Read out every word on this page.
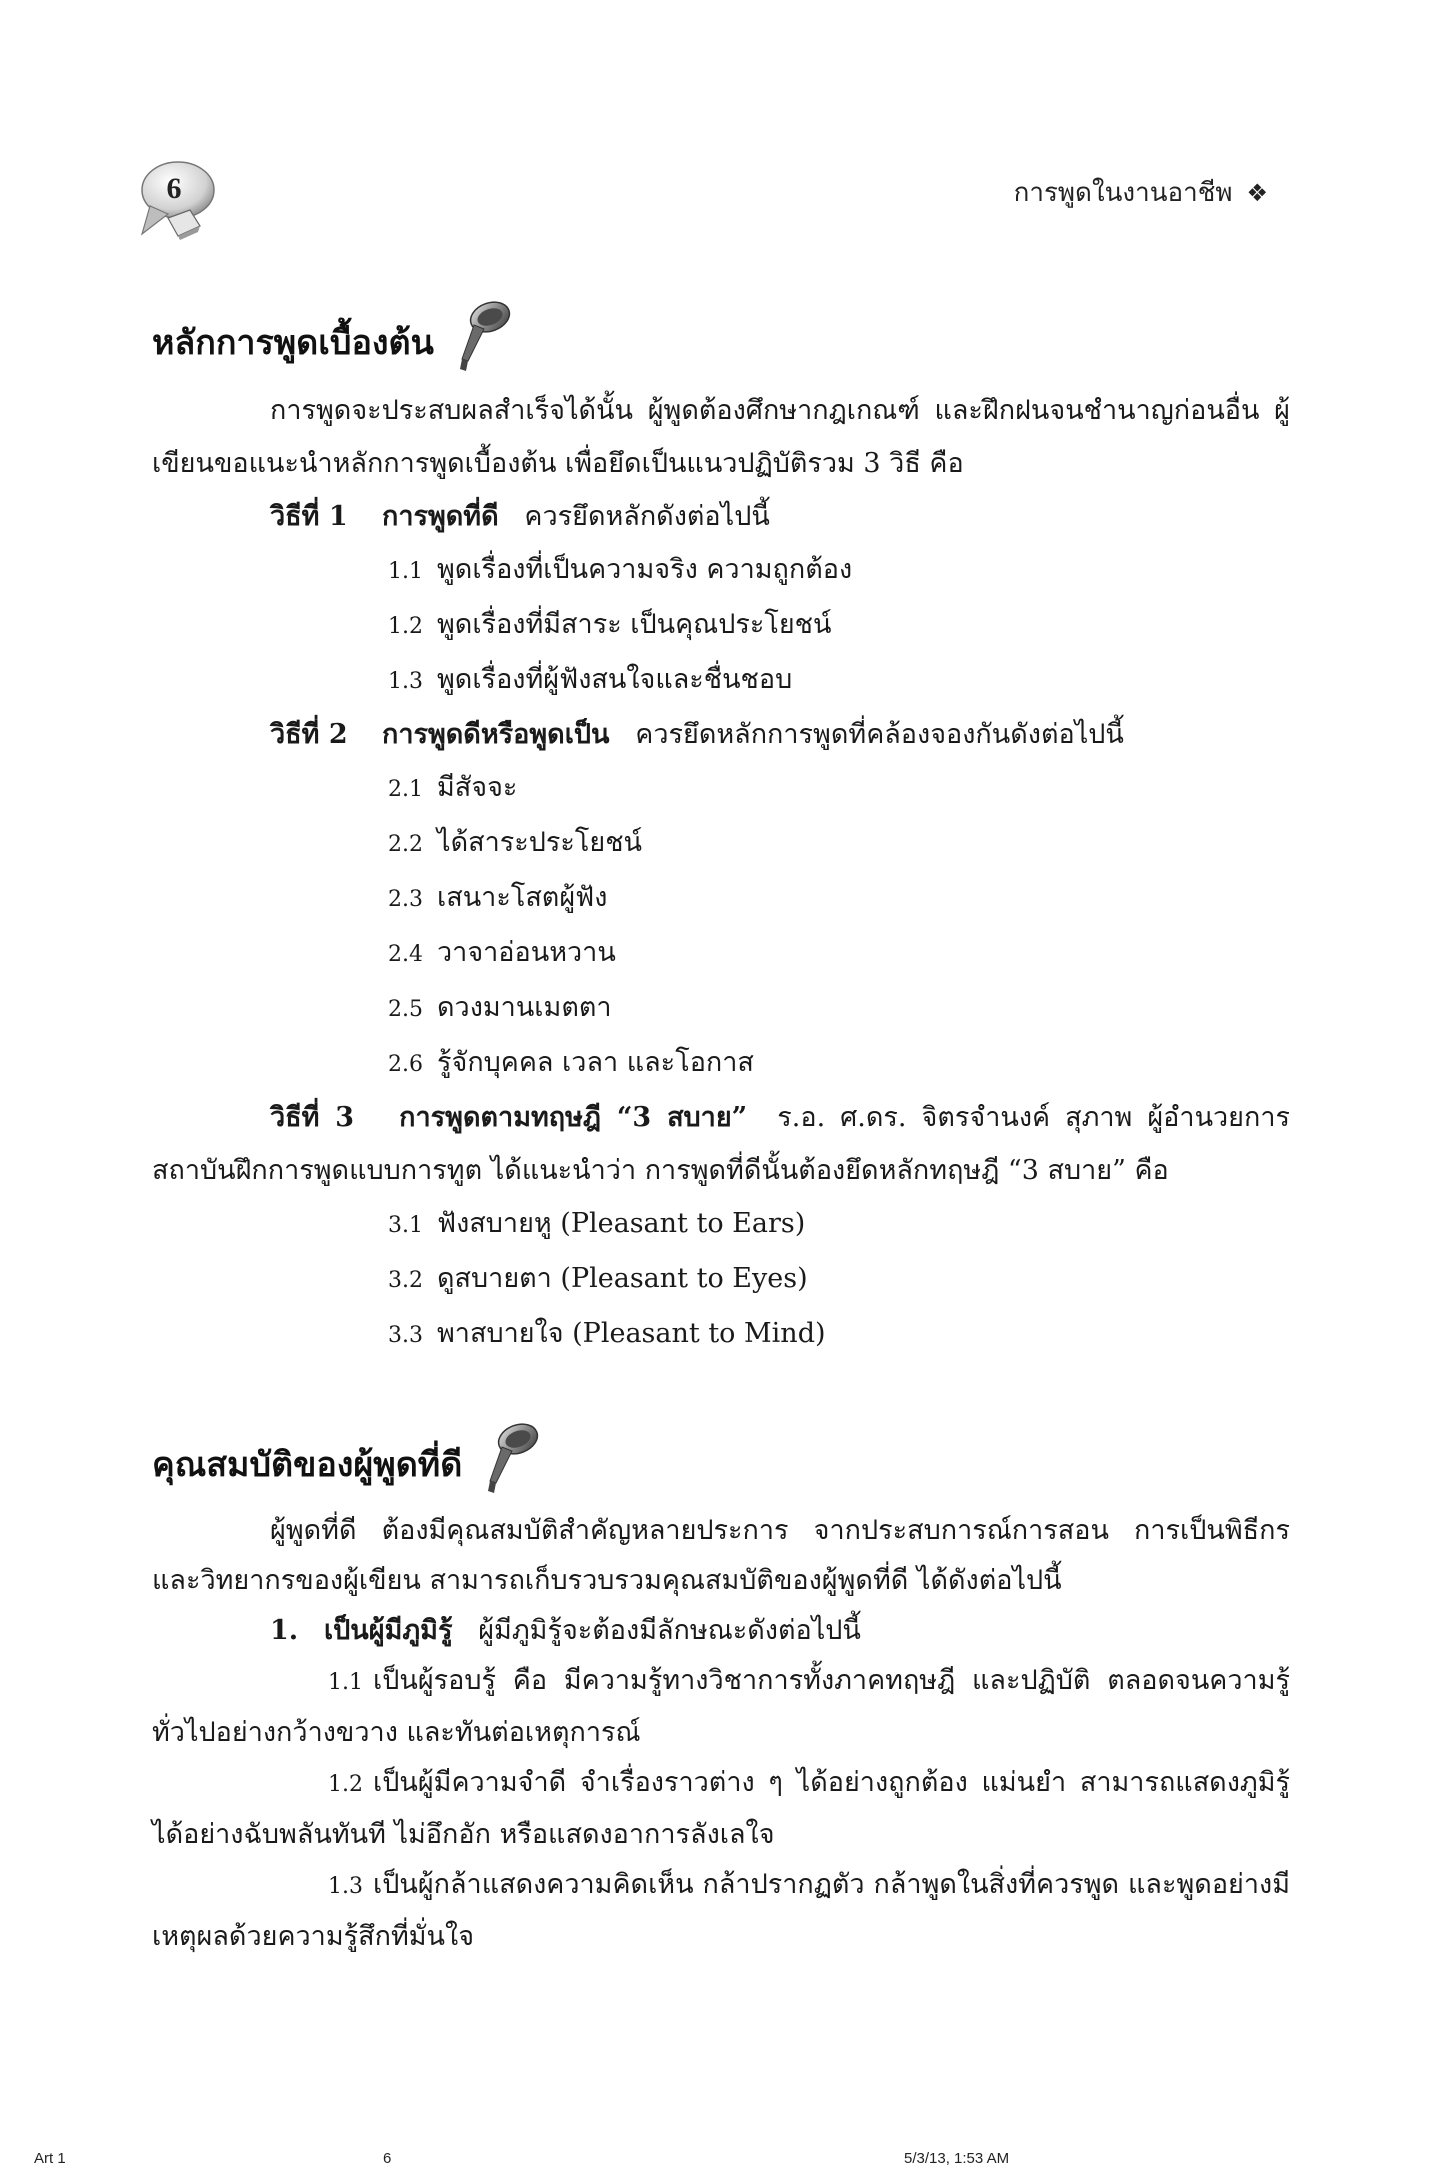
6	การพูดในงานอาชีพ ❖
หลักการพูดเบื้องต้น

การพูดจะประสบผลสำเร็จได้นั้น ผู้พูดต้องศึกษากฎเกณฑ์ และฝึกฝนจนชำนาญก่อนอื่น ผู้เขียนขอแนะนำหลักการพูดเบื้องต้น เพื่อยึดเป็นแนวปฏิบัติรวม 3 วิธี คือ

วิธีที่ 1 การพูดที่ดี ควรยึดหลักดังต่อไปนี้

1.1 พูดเรื่องที่เป็นความจริง ความถูกต้อง

1.2 พูดเรื่องที่มีสาระ เป็นคุณประโยชน์

1.3 พูดเรื่องที่ผู้ฟังสนใจและชื่นชอบ

วิธีที่ 2 การพูดดีหรือพูดเป็น ควรยึดหลักการพูดที่คล้องจองกันดังต่อไปนี้

2.1 มีสัจจะ

2.2 ได้สาระประโยชน์

2.3 เสนาะโสตผู้ฟัง

2.4 วาจาอ่อนหวาน

2.5 ดวงมานเมตตา

2.6 รู้จักบุคคล เวลา และโอกาส

วิธีที่ 3 การพูดตามทฤษฎี “3 สบาย” ร.อ. ศ.ดร. จิตรจำนงค์ สุภาพ ผู้อำนวยการสถาบันฝึกการพูดแบบการทูต ได้แนะนำว่า การพูดที่ดีนั้นต้องยึดหลักทฤษฎี “3 สบาย” คือ

3.1 ฟังสบายหู (Pleasant to Ears)

3.2 ดูสบายตา (Pleasant to Eyes)

3.3 พาสบายใจ (Pleasant to Mind)

คุณสมบัติของผู้พูดที่ดี

ผู้พูดที่ดี ต้องมีคุณสมบัติสำคัญหลายประการ จากประสบการณ์การสอน การเป็นพิธีกร และวิทยากรของผู้เขียน สามารถเก็บรวบรวมคุณสมบัติของผู้พูดที่ดี ได้ดังต่อไปนี้

1. เป็นผู้มีภูมิรู้ ผู้มีภูมิรู้จะต้องมีลักษณะดังต่อไปนี้

1.1 เป็นผู้รอบรู้ คือ มีความรู้ทางวิชาการทั้งภาคทฤษฎี และปฏิบัติ ตลอดจนความรู้ทั่วไปอย่างกว้างขวาง และทันต่อเหตุการณ์

1.2 เป็นผู้มีความจำดี จำเรื่องราวต่าง ๆ ได้อย่างถูกต้อง แม่นยำ สามารถแสดงภูมิรู้ได้อย่างฉับพลันทันที ไม่อึกอัก หรือแสดงอาการลังเลใจ

1.3 เป็นผู้กล้าแสดงความคิดเห็น กล้าปรากฏตัว กล้าพูดในสิ่งที่ควรพูด และพูดอย่างมีเหตุผลด้วยความรู้สึกที่มั่นใจ

Art 1	6	5/3/13, 1:53 AM
